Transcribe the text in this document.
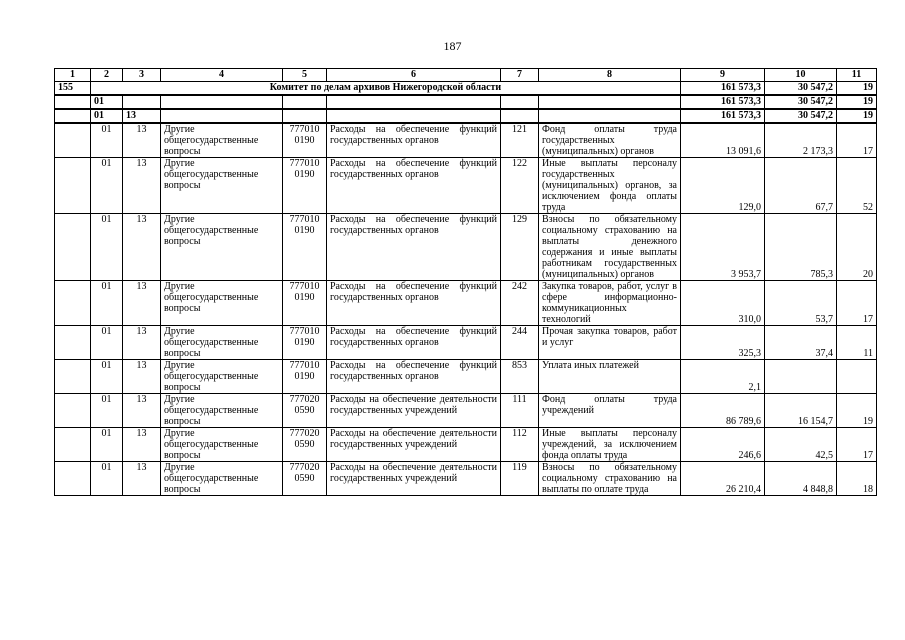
187
1	2	3	4	5	6	7	8	9	10	11
155	Комитет по делам архивов Нижегородской области							161 573,3	30 547,2	19
	01							161 573,3	30 547,2	19
	01	13						161 573,3	30 547,2	19
	01	13	Другие общегосударственные вопросы	777010 0190	Расходы на обеспечение функций государственных органов	121	Фонд оплаты труда государственных (муниципальных) органов	13 091,6	2 173,3	17
	01	13	Другие общегосударственные вопросы	777010 0190	Расходы на обеспечение функций государственных органов	122	Иные выплаты персоналу государственных (муниципальных) органов, за исключением фонда оплаты труда	129,0	67,7	52
	01	13	Другие общегосударственные вопросы	777010 0190	Расходы на обеспечение функций государственных органов	129	Взносы по обязательному социальному страхованию на выплаты денежного содержания и иные выплаты работникам государственных (муниципальных) органов	3 953,7	785,3	20
	01	13	Другие общегосударственные вопросы	777010 0190	Расходы на обеспечение функций государственных органов	242	Закупка товаров, работ, услуг в сфере информационно-коммуникационных технологий	310,0	53,7	17
	01	13	Другие общегосударственные вопросы	777010 0190	Расходы на обеспечение функций государственных органов	244	Прочая закупка товаров, работ и услуг	325,3	37,4	11
	01	13	Другие общегосударственные вопросы	777010 0190	Расходы на обеспечение функций государственных органов	853	Уплата иных платежей	2,1		
	01	13	Другие общегосударственные вопросы	777020 0590	Расходы на обеспечение деятельности государственных учреждений	111	Фонд оплаты труда учреждений	86 789,6	16 154,7	19
	01	13	Другие общегосударственные вопросы	777020 0590	Расходы на обеспечение деятельности государственных учреждений	112	Иные выплаты персоналу учреждений, за исключением фонда оплаты труда	246,6	42,5	17
	01	13	Другие общегосударственные вопросы	777020 0590	Расходы на обеспечение деятельности государственных учреждений	119	Взносы по обязательному социальному страхованию на выплаты по оплате труда	26 210,4	4 848,8	18
